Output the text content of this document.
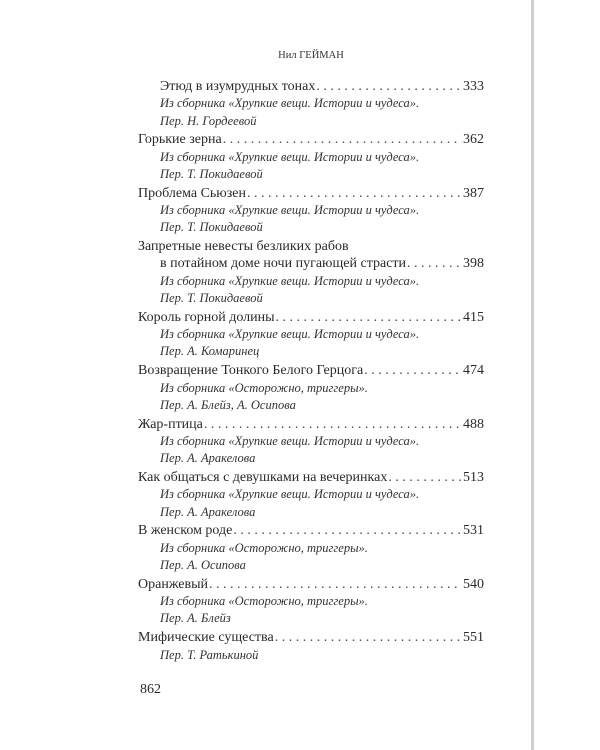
Нил ГЕЙМАН
Этюд в изумрудных тонах . . .	333
Из сборника «Хрупкие вещи. Истории и чудеса».
Пер. Н. Гордеевой
Горькие зерна . . .	362
Из сборника «Хрупкие вещи. Истории и чудеса».
Пер. Т. Покидаевой
Проблема Сьюзен . . .	387
Из сборника «Хрупкие вещи. Истории и чудеса».
Пер. Т. Покидаевой
Запретные невесты безликих рабов
в потайном доме ночи пугающей страсти . . .	398
Из сборника «Хрупкие вещи. Истории и чудеса».
Пер. Т. Покидаевой
Король горной долины . . .	415
Из сборника «Хрупкие вещи. Истории и чудеса».
Пер. А. Комаринец
Возвращение Тонкого Белого Герцога . . .	474
Из сборника «Осторожно, триггеры».
Пер. А. Блейз, А. Осипова
Жар-птица . . .	488
Из сборника «Хрупкие вещи. Истории и чудеса».
Пер. А. Аракелова
Как общаться с девушками на вечеринках . . .	513
Из сборника «Хрупкие вещи. Истории и чудеса».
Пер. А. Аракелова
В женском роде . . .	531
Из сборника «Осторожно, триггеры».
Пер. А. Осипова
Оранжевый . . .	540
Из сборника «Осторожно, триггеры».
Пер. А. Блейз
Мифические существа . . .	551
Пер. Т. Ратькиной
862
